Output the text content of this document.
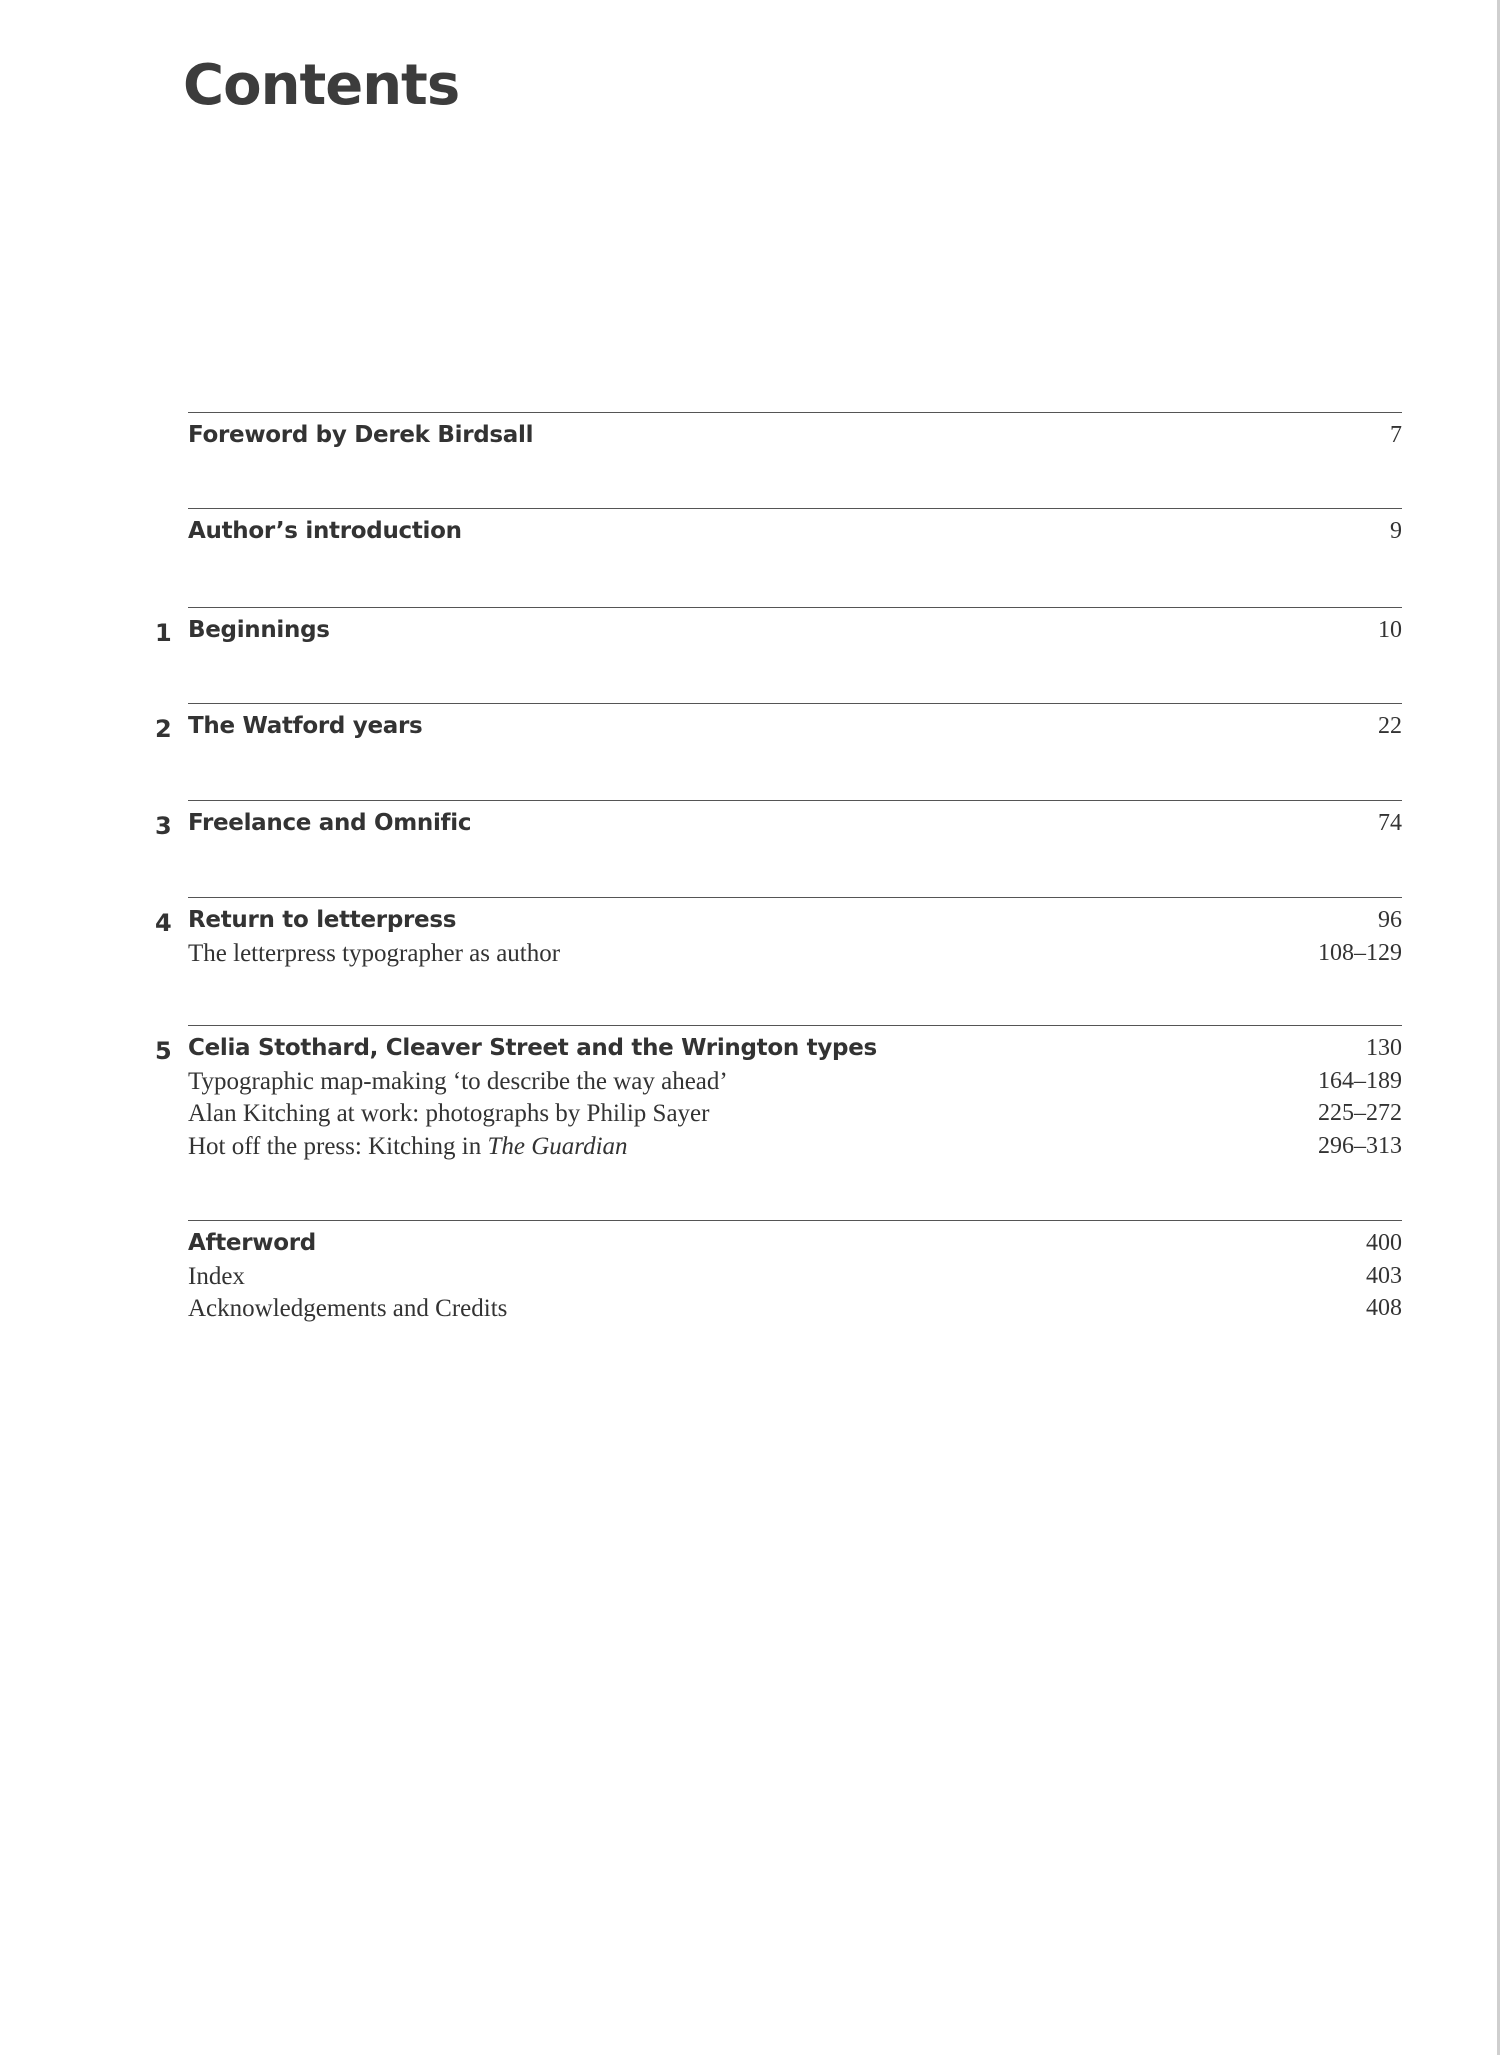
Contents
Foreword by Derek Birdsall	7
Author’s introduction	9
1 Beginnings	10
2 The Watford years	22
3 Freelance and Omnific	74
4 Return to letterpress	96
The letterpress typographer as author	108–129
5 Celia Stothard, Cleaver Street and the Wrington types	130
Typographic map-making ‘to describe the way ahead’	164–189
Alan Kitching at work: photographs by Philip Sayer	225–272
Hot off the press: Kitching in The Guardian	296–313
Afterword	400
Index	403
Acknowledgements and Credits	408
